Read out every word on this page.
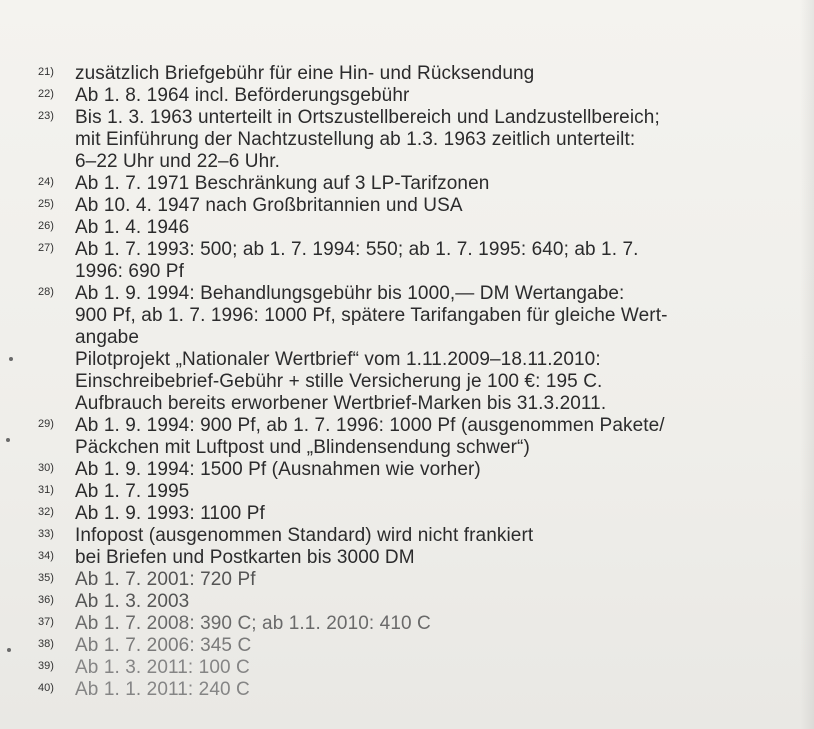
21)	zusätzlich Briefgebühr für eine Hin- und Rücksendung
22)	Ab 1. 8. 1964 incl. Beförderungsgebühr
23)	Bis 1. 3. 1963 unterteilt in Ortszustellbereich und Landzustellbereich;
mit Einführung der Nachtzustellung ab 1.3. 1963 zeitlich unterteilt:
6–22 Uhr und 22–6 Uhr.
24)	Ab 1. 7. 1971 Beschränkung auf 3 LP-Tarifzonen
25)	Ab 10. 4. 1947 nach Großbritannien und USA
26)	Ab 1. 4. 1946
27)	Ab 1. 7. 1993: 500; ab 1. 7. 1994: 550; ab 1. 7. 1995: 640; ab 1. 7.
1996: 690 Pf
28)	Ab 1. 9. 1994: Behandlungsgebühr bis 1000,— DM Wertangabe:
900 Pf, ab 1. 7. 1996: 1000 Pf, spätere Tarifangaben für gleiche Wert-
angabe
Pilotprojekt „Nationaler Wertbrief“ vom 1.11.2009–18.11.2010:
Einschreibebrief-Gebühr + stille Versicherung je 100 €: 195 C.
Aufbrauch bereits erworbener Wertbrief-Marken bis 31.3.2011.
29)	Ab 1. 9. 1994: 900 Pf, ab 1. 7. 1996: 1000 Pf (ausgenommen Pakete/
Päckchen mit Luftpost und „Blindensendung schwer“)
30)	Ab 1. 9. 1994: 1500 Pf (Ausnahmen wie vorher)
31)	Ab 1. 7. 1995
32)	Ab 1. 9. 1993: 1100 Pf
33)	Infopost (ausgenommen Standard) wird nicht frankiert
34)	bei Briefen und Postkarten bis 3000 DM
35)	Ab 1. 7. 2001: 720 Pf
36)	Ab 1. 3. 2003
37)	Ab 1. 7. 2008: 390 C; ab 1.1. 2010: 410 C
38)	Ab 1. 7. 2006: 345 C
39)	Ab 1. 3. 2011: 100 C
40)	Ab 1. 1. 2011: 240 C
